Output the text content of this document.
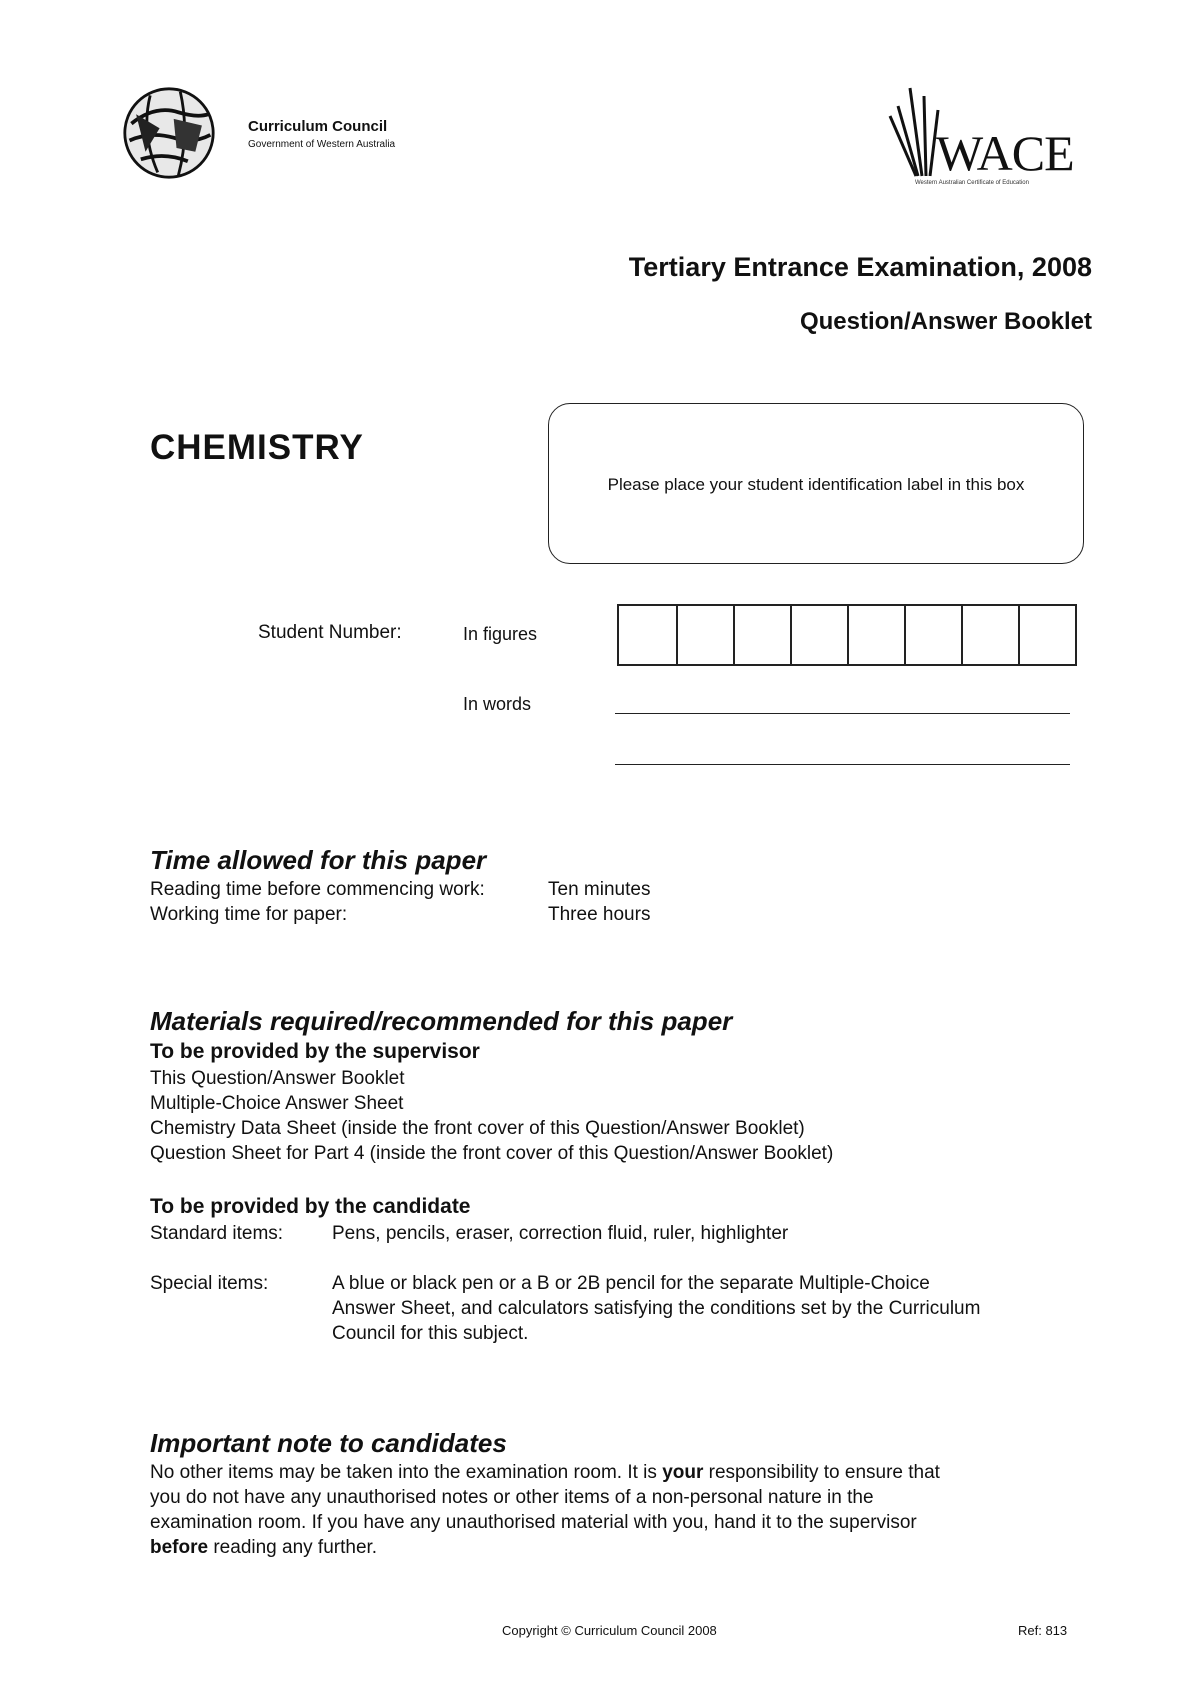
Curriculum Council
Government of Western Australia	WACE
Western Australian Certificate of Education
Tertiary Entrance Examination, 2008
Question/Answer Booklet
CHEMISTRY
Please place your student identification label in this box
Student Number:	In figures
In words
Time allowed for this paper
Reading time before commencing work:	Ten minutes
Working time for paper:	Three hours
Materials required/recommended for this paper
To be provided by the supervisor
This Question/Answer Booklet
Multiple-Choice Answer Sheet
Chemistry Data Sheet (inside the front cover of this Question/Answer Booklet)
Question Sheet for Part 4 (inside the front cover of this Question/Answer Booklet)
To be provided by the candidate
Standard items:	Pens, pencils, eraser, correction fluid, ruler, highlighter
Special items:	A blue or black pen or a B or 2B pencil for the separate Multiple-Choice
Answer Sheet, and calculators satisfying the conditions set by the Curriculum
Council for this subject.
Important note to candidates
No other items may be taken into the examination room. It is your responsibility to ensure that
you do not have any unauthorised notes or other items of a non-personal nature in the
examination room. If you have any unauthorised material with you, hand it to the supervisor
before reading any further.
Copyright © Curriculum Council 2008	Ref: 813
